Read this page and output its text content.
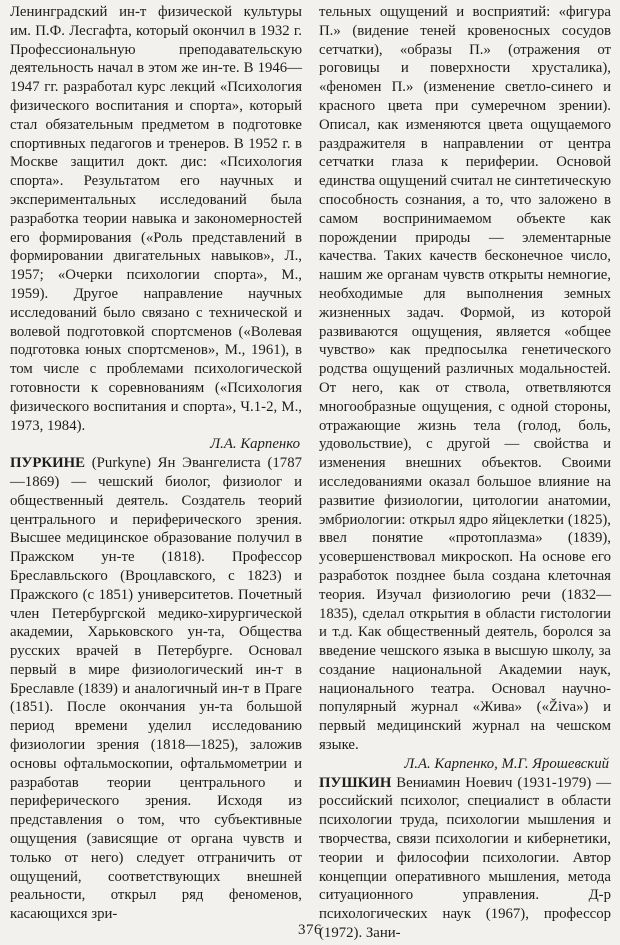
Ленинградский ин-т физической культуры им. П.Ф. Лесгафта, который окончил в 1932 г. Профессиональную преподавательскую деятельность начал в этом же ин-те. В 1946—1947 гг. разработал курс лекций «Психология физического воспитания и спорта», который стал обязательным предметом в подготовке спортивных педагогов и тренеров. В 1952 г. в Москве защитил докт. дис: «Психология спорта». Результатом его научных и экспериментальных исследований была разработка теории навыка и закономерностей его формирования («Роль представлений в формировании двигательных навыков», Л., 1957; «Очерки психологии спорта», М., 1959). Другое направление научных исследований было связано с технической и волевой подготовкой спортсменов («Волевая подготовка юных спортсменов», М., 1961), в том числе с проблемами психологической готовности к соревнованиям («Психология физического воспитания и спорта», Ч.1-2, М., 1973, 1984).

Л.А. Карпенко

ПУРКИНЕ (Purkyne) Ян Эвангелиста (1787—1869) — чешский биолог, физиолог и общественный деятель. Создатель теорий центрального и периферического зрения. Высшее медицинское образование получил в Пражском ун-те (1818). Профессор Бреславльского (Вроцлавского, с 1823) и Пражского (с 1851) университетов. Почетный член Петербургской медико-хирургической академии, Харьковского ун-та, Общества русских врачей в Петербурге. Основал первый в мире физиологический ин-т в Бреславле (1839) и аналогичный ин-т в Праге (1851). После окончания ун-та большой период времени уделил исследованию физиологии зрения (1818—1825), заложив основы офтальмоскопии, офтальмометрии и разработав теории центрального и периферического зрения. Исходя из представления о том, что субъективные ощущения (зависящие от органа чувств и только от него) следует отграничить от ощущений, соответствующих внешней реальности, открыл ряд феноменов, касающихся зри-

тельных ощущений и восприятий: «фигура П.» (видение теней кровеносных сосудов сетчатки), «образы П.» (отражения от роговицы и поверхности хрусталика), «феномен П.» (изменение светло-синего и красного цвета при сумеречном зрении). Описал, как изменяются цвета ощущаемого раздражителя в направлении от центра сетчатки глаза к периферии. Основой единства ощущений считал не синтетическую способность сознания, а то, что заложено в самом воспринимаемом объекте как порождении природы — элементарные качества. Таких качеств бесконечное число, нашим же органам чувств открыты немногие, необходимые для выполнения земных жизненных задач. Формой, из которой развиваются ощущения, является «общее чувство» как предпосылка генетического родства ощущений различных модальностей. От него, как от ствола, ответвляются многообразные ощущения, с одной стороны, отражающие жизнь тела (голод, боль, удовольствие), с другой — свойства и изменения внешних объектов. Своими исследованиями оказал большое влияние на развитие физиологии, цитологии анатомии, эмбриологии: открыл ядро яйцеклетки (1825), ввел понятие «протоплазма» (1839), усовершенствовал микроскоп. На основе его разработок позднее была создана клеточная теория. Изучал физиологию речи (1832—1835), сделал открытия в области гистологии и т.д. Как общественный деятель, боролся за введение чешского языка в высшую школу, за создание национальной Академии наук, национального театра. Основал научно-популярный журнал «Жива» («Živa») и первый медицинский журнал на чешском языке.

Л.А. Карпенко, М.Г. Ярошевский

ПУШКИН Вениамин Ноевич (1931-1979) — российский психолог, специалист в области психологии труда, психологии мышления и творчества, связи психологии и кибернетики, теории и философии психологии. Автор концепции оперативного мышления, метода ситуационного управления. Д-р психологических наук (1967), профессор (1972). Зани-

376
